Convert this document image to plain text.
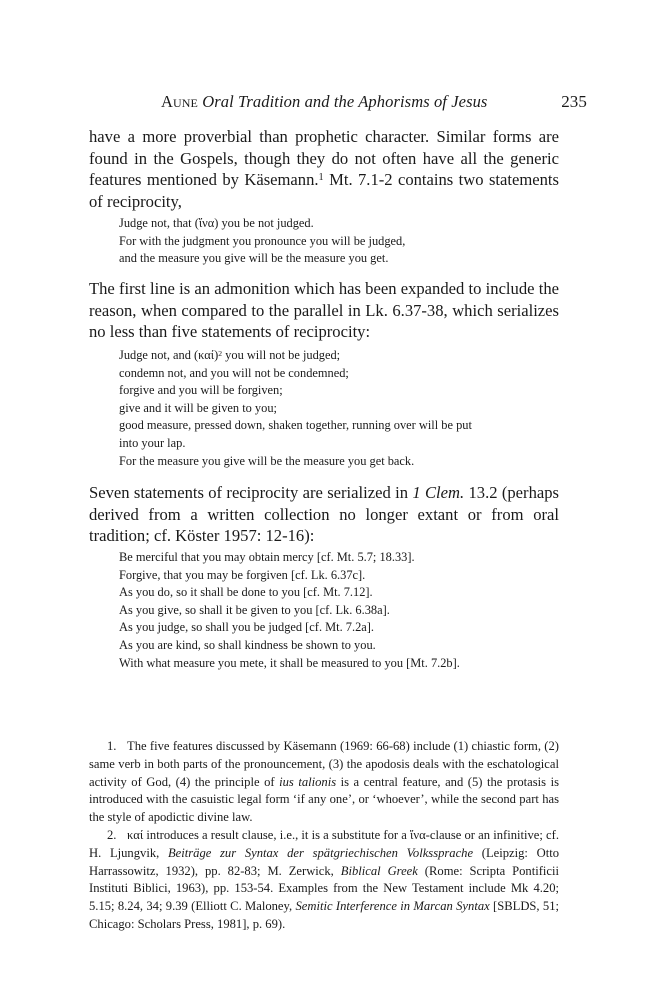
Aune Oral Tradition and the Aphorisms of Jesus	235

have a more proverbial than prophetic character. Similar forms are found in the Gospels, though they do not often have all the generic features mentioned by Käsemann.$^1$ Mt. 7.1-2 contains two statements of reciprocity,

Judge not, that (ἵνα) you be not judged.
For with the judgment you pronounce you will be judged,
and the measure you give will be the measure you get.

The first line is an admonition which has been expanded to include the reason, when compared to the parallel in Lk. 6.37-38, which serializes no less than five statements of reciprocity:

Judge not, and $(\kappa\alpha ί)^2$ you will not be judged;
condemn not, and you will not be condemned;
forgive and you will be forgiven;
give and it will be given to you;
good measure, pressed down, shaken together, running over will be put
into your lap.
For the measure you give will be the measure you get back.

Seven statements of reciprocity are serialized in 1 Clem. 13.2 (perhaps derived from a written collection no longer extant or from oral tradition; cf. Köster 1957: 12-16):

Be merciful that you may obtain mercy [cf. Mt. 5.7; 18.33].
Forgive, that you may be forgiven [cf. Lk. 6.37c].
As you do, so it shall be done to you [cf. Mt. 7.12].
As you give, so shall it be given to you [cf. Lk. 6.38a].
As you judge, so shall you be judged [cf. Mt. 7.2a].
As you are kind, so shall kindness be shown to you.
With what measure you mete, it shall be measured to you [Mt. 7.2b].

1. The five features discussed by Käsemann (1969: 66-68) include (1) chiastic form, (2) same verb in both parts of the pronouncement, (3) the apodosis deals with the eschatological activity of God, (4) the principle of ius talionis is a central feature, and (5) the protasis is introduced with the casuistic legal form ‘if any one’, or ‘whoever’, while the second part has the style of apodictic divine law.

2. καί introduces a result clause, i.e., it is a substitute for a ἵνα-clause or an infinitive; cf. H. Ljungvik, Beiträge zur Syntax der spätgriechischen Volkssprache (Leipzig: Otto Harrassowitz, 1932), pp. 82-83; M. Zerwick, Biblical Greek (Rome: Scripta Pontificii Instituti Biblici, 1963), pp. 153-54. Examples from the New Testament include Mk 4.20; 5.15; 8.24, 34; 9.39 (Elliott C. Maloney, Semitic Interference in Marcan Syntax [SBLDS, 51; Chicago: Scholars Press, 1981], p. 69).
